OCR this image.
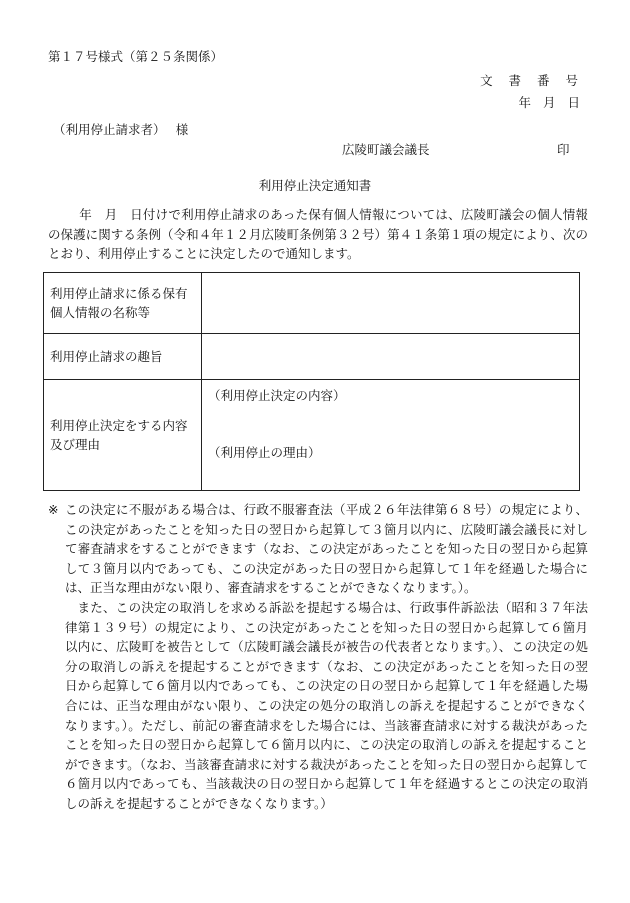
第１７号様式（第２５条関係）
文 書 番 号
年 月 日
（利用停止請求者）　 様
広陵町議会議長	印
利用停止決定通知書
年　月　日付けで利用停止請求のあった保有個人情報については、広陵町議会の個人情報の保護に関する条例（令和４年１２月広陵町条例第３２号）第４１条第１項の規定により、次のとおり、利用停止することに決定したので通知します。
利用停止請求に係る保有個人情報の名称等	
利用停止請求の趣旨	
利用停止決定をする内容及び理由	（利用停止決定の内容）
（利用停止の理由）
※ この決定に不服がある場合は、行政不服審査法（平成２６年法律第６８号）の規定により、この決定があったことを知った日の翌日から起算して３箇月以内に、広陵町議会議長に対して審査請求をすることができます（なお、この決定があったことを知った日の翌日から起算して３箇月以内であっても、この決定があった日の翌日から起算して１年を経過した場合には、正当な理由がない限り、審査請求をすることができなくなります。）。

また、この決定の取消しを求める訴訟を提起する場合は、行政事件訴訟法（昭和３７年法律第１３９号）の規定により、この決定があったことを知った日の翌日から起算して６箇月以内に、広陵町を被告として（広陵町議会議長が被告の代表者となります。）、この決定の処分の取消しの訴えを提起することができます（なお、この決定があったことを知った日の翌日から起算して６箇月以内であっても、この決定の日の翌日から起算して１年を経過した場合には、正当な理由がない限り、この決定の処分の取消しの訴えを提起することができなくなります。）。ただし、前記の審査請求をした場合には、当該審査請求に対する裁決があったことを知った日の翌日から起算して６箇月以内に、この決定の取消しの訴えを提起することができます。（なお、当該審査請求に対する裁決があったことを知った日の翌日から起算して６箇月以内であっても、当該裁決の日の翌日から起算して１年を経過するとこの決定の取消しの訴えを提起することができなくなります。）
